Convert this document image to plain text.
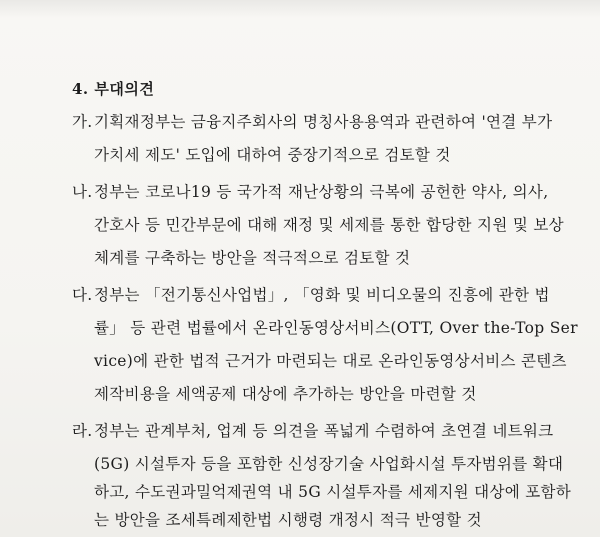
4. 부대의견
가.기획재정부는 금융지주회사의 명칭사용용역과 관련하여 '연결 부가
가치세 제도' 도입에 대하여 중장기적으로 검토할 것
나.정부는 코로나19 등 국가적 재난상황의 극복에 공헌한 약사, 의사,
간호사 등 민간부문에 대해 재정 및 세제를 통한 합당한 지원 및 보상
체계를 구축하는 방안을 적극적으로 검토할 것
다.정부는 「전기통신사업법」, 「영화 및 비디오물의 진흥에 관한 법
률」 등 관련 법률에서 온라인동영상서비스(OTT, Over the-Top Ser
vice)에 관한 법적 근거가 마련되는 대로 온라인동영상서비스 콘텐츠
제작비용을 세액공제 대상에 추가하는 방안을 마련할 것
라.정부는 관계부처, 업계 등 의견을 폭넓게 수렴하여 초연결 네트워크
(5G) 시설투자 등을 포함한 신성장기술 사업화시설 투자범위를 확대
하고, 수도권과밀억제권역 내 5G 시설투자를 세제지원 대상에 포함하
는 방안을 조세특례제한법 시행령 개정시 적극 반영할 것
